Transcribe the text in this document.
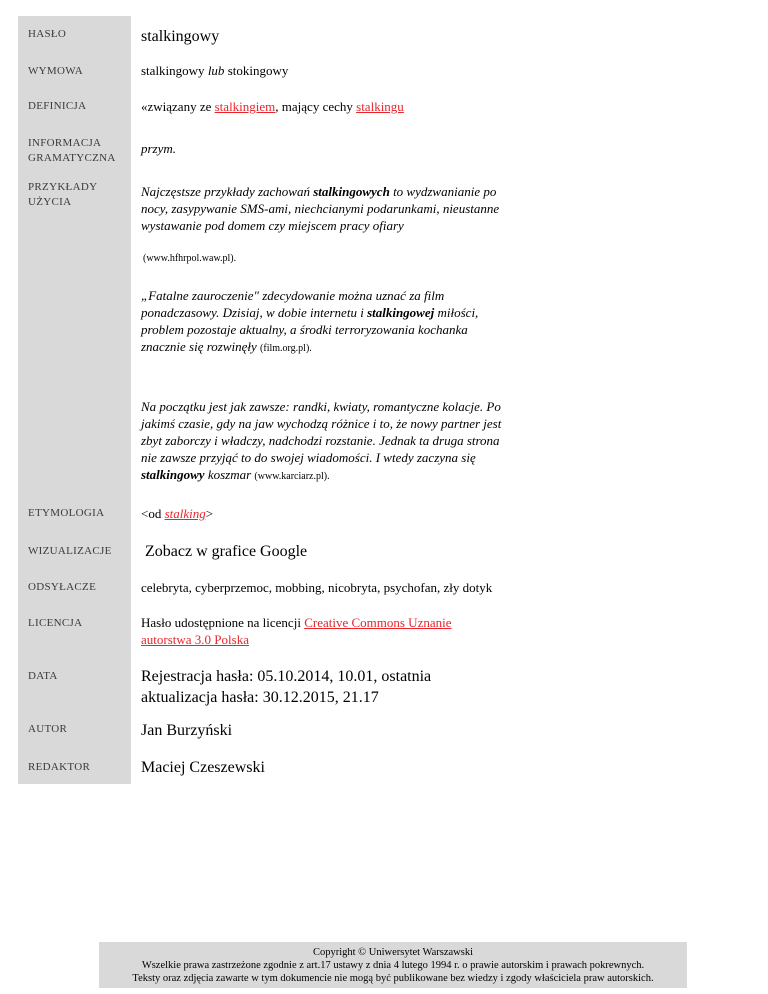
HASŁO
WYMOWA
DEFINICJA
INFORMACJA
GRAMATYCZNA
PRZYKŁADY
UŻYCIA
ETYMOLOGIA
WIZUALIZACJE
ODSYŁACZE
LICENCJA
DATA
AUTOR
REDAKTOR
stalkingowy
stalkingowy lub stokingowy
«związany ze stalkingiem, mający cechy stalkingu
przym.
Najczęstsze przykłady zachowań stalkingowych to wydzwanianie po nocy, zasypywanie SMS-ami, niechcianymi podarunkami, nieustanne wystawanie pod domem czy miejscem pracy ofiary
(www.hfhrpol.waw.pl).
„Fatalne zauroczenie" zdecydowanie można uznać za film ponadczasowy. Dzisiaj, w dobie internetu i stalkingowej miłości, problem pozostaje aktualny, a środki terroryzowania kochanka znacznie się rozwinęły (film.org.pl).
Na początku jest jak zawsze: randki, kwiaty, romantyczne kolacje. Po jakimś czasie, gdy na jaw wychodzą różnice i to, że nowy partner jest zbyt zaborczy i władczy, nadchodzi rozstanie. Jednak ta druga strona nie zawsze przyjąć to do swojej wiadomości. I wtedy zaczyna się stalkingowy koszmar (www.karciarz.pl).
<od stalking>
Zobacz w grafice Google
celebryta, cyberprzemoc, mobbing, nicobryta, psychofan, zły dotyk
Hasło udostępnione na licencji Creative Commons Uznanie autorstwa 3.0 Polska
Rejestracja hasła: 05.10.2014, 10.01, ostatnia aktualizacja hasła: 30.12.2015, 21.17
Jan Burzyński
Maciej Czeszewski
Copyright © Uniwersytet Warszawski
Wszelkie prawa zastrzeżone zgodnie z art.17 ustawy z dnia 4 lutego 1994 r. o prawie autorskim i prawach pokrewnych.
Teksty oraz zdjęcia zawarte w tym dokumencie nie mogą być publikowane bez wiedzy i zgody właściciela praw autorskich.
